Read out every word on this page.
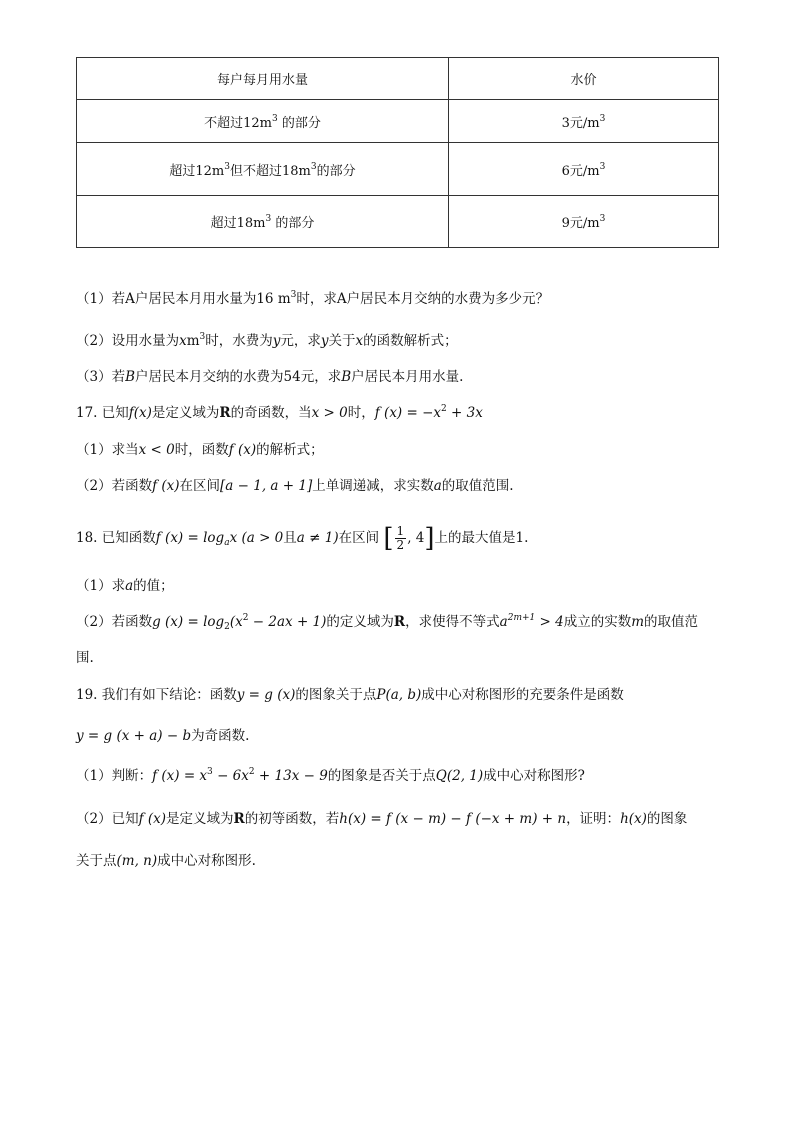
每户每月用水量	水价
不超过$12m^3$ 的部分	3元$/m^3$
超过$12m^3$但不超过$18m^3$的部分	6元$/m^3$
超过$18m^3$ 的部分	9元$/m^3$
（1）若A户居民本月用水量为16 $m^3$时，求A户居民本月交纳的水费为多少元？
（2）设用水量为$xm^3$时，水费为y元，求y关于x的函数解析式；
（3）若B户居民本月交纳的水费为54元，求B户居民本月用水量.
17. 已知f(x)是定义域为R的奇函数，当x > 0时，f $(x) = -x^2 + 3x$
（1）求当x < 0时，函数f (x)的解析式；
（2）若函数f (x)在区间[a − 1, a + 1]上单调递减，求实数a的取值范围.
18. 已知函数f $(x) = \log_ax$ (a > 0且a ≠ 1)在区间 [ $\frac{1}{2}$ , 4]上的最大值是1.
（1）求a的值；
（2）若函数g $(x) = \log_2(x^2 - 2ax + 1)$的定义域为R，求使得不等式$a^{2m+1} > 4$成立的实数m的取值范
围.
19. 我们有如下结论：函数y = g (x)的图象关于点P(a, b)成中心对称图形的充要条件是函数
y = g (x + a) − b为奇函数.
（1）判断：f $(x) = x^3 - 6x^2 + 13x - 9$的图象是否关于点Q(2, 1)成中心对称图形?
（2）已知f (x)是定义域为R的初等函数，若h(x) = f (x − m) − f (−x + m) + n，证明：h(x)的图象
关于点(m, n)成中心对称图形.
